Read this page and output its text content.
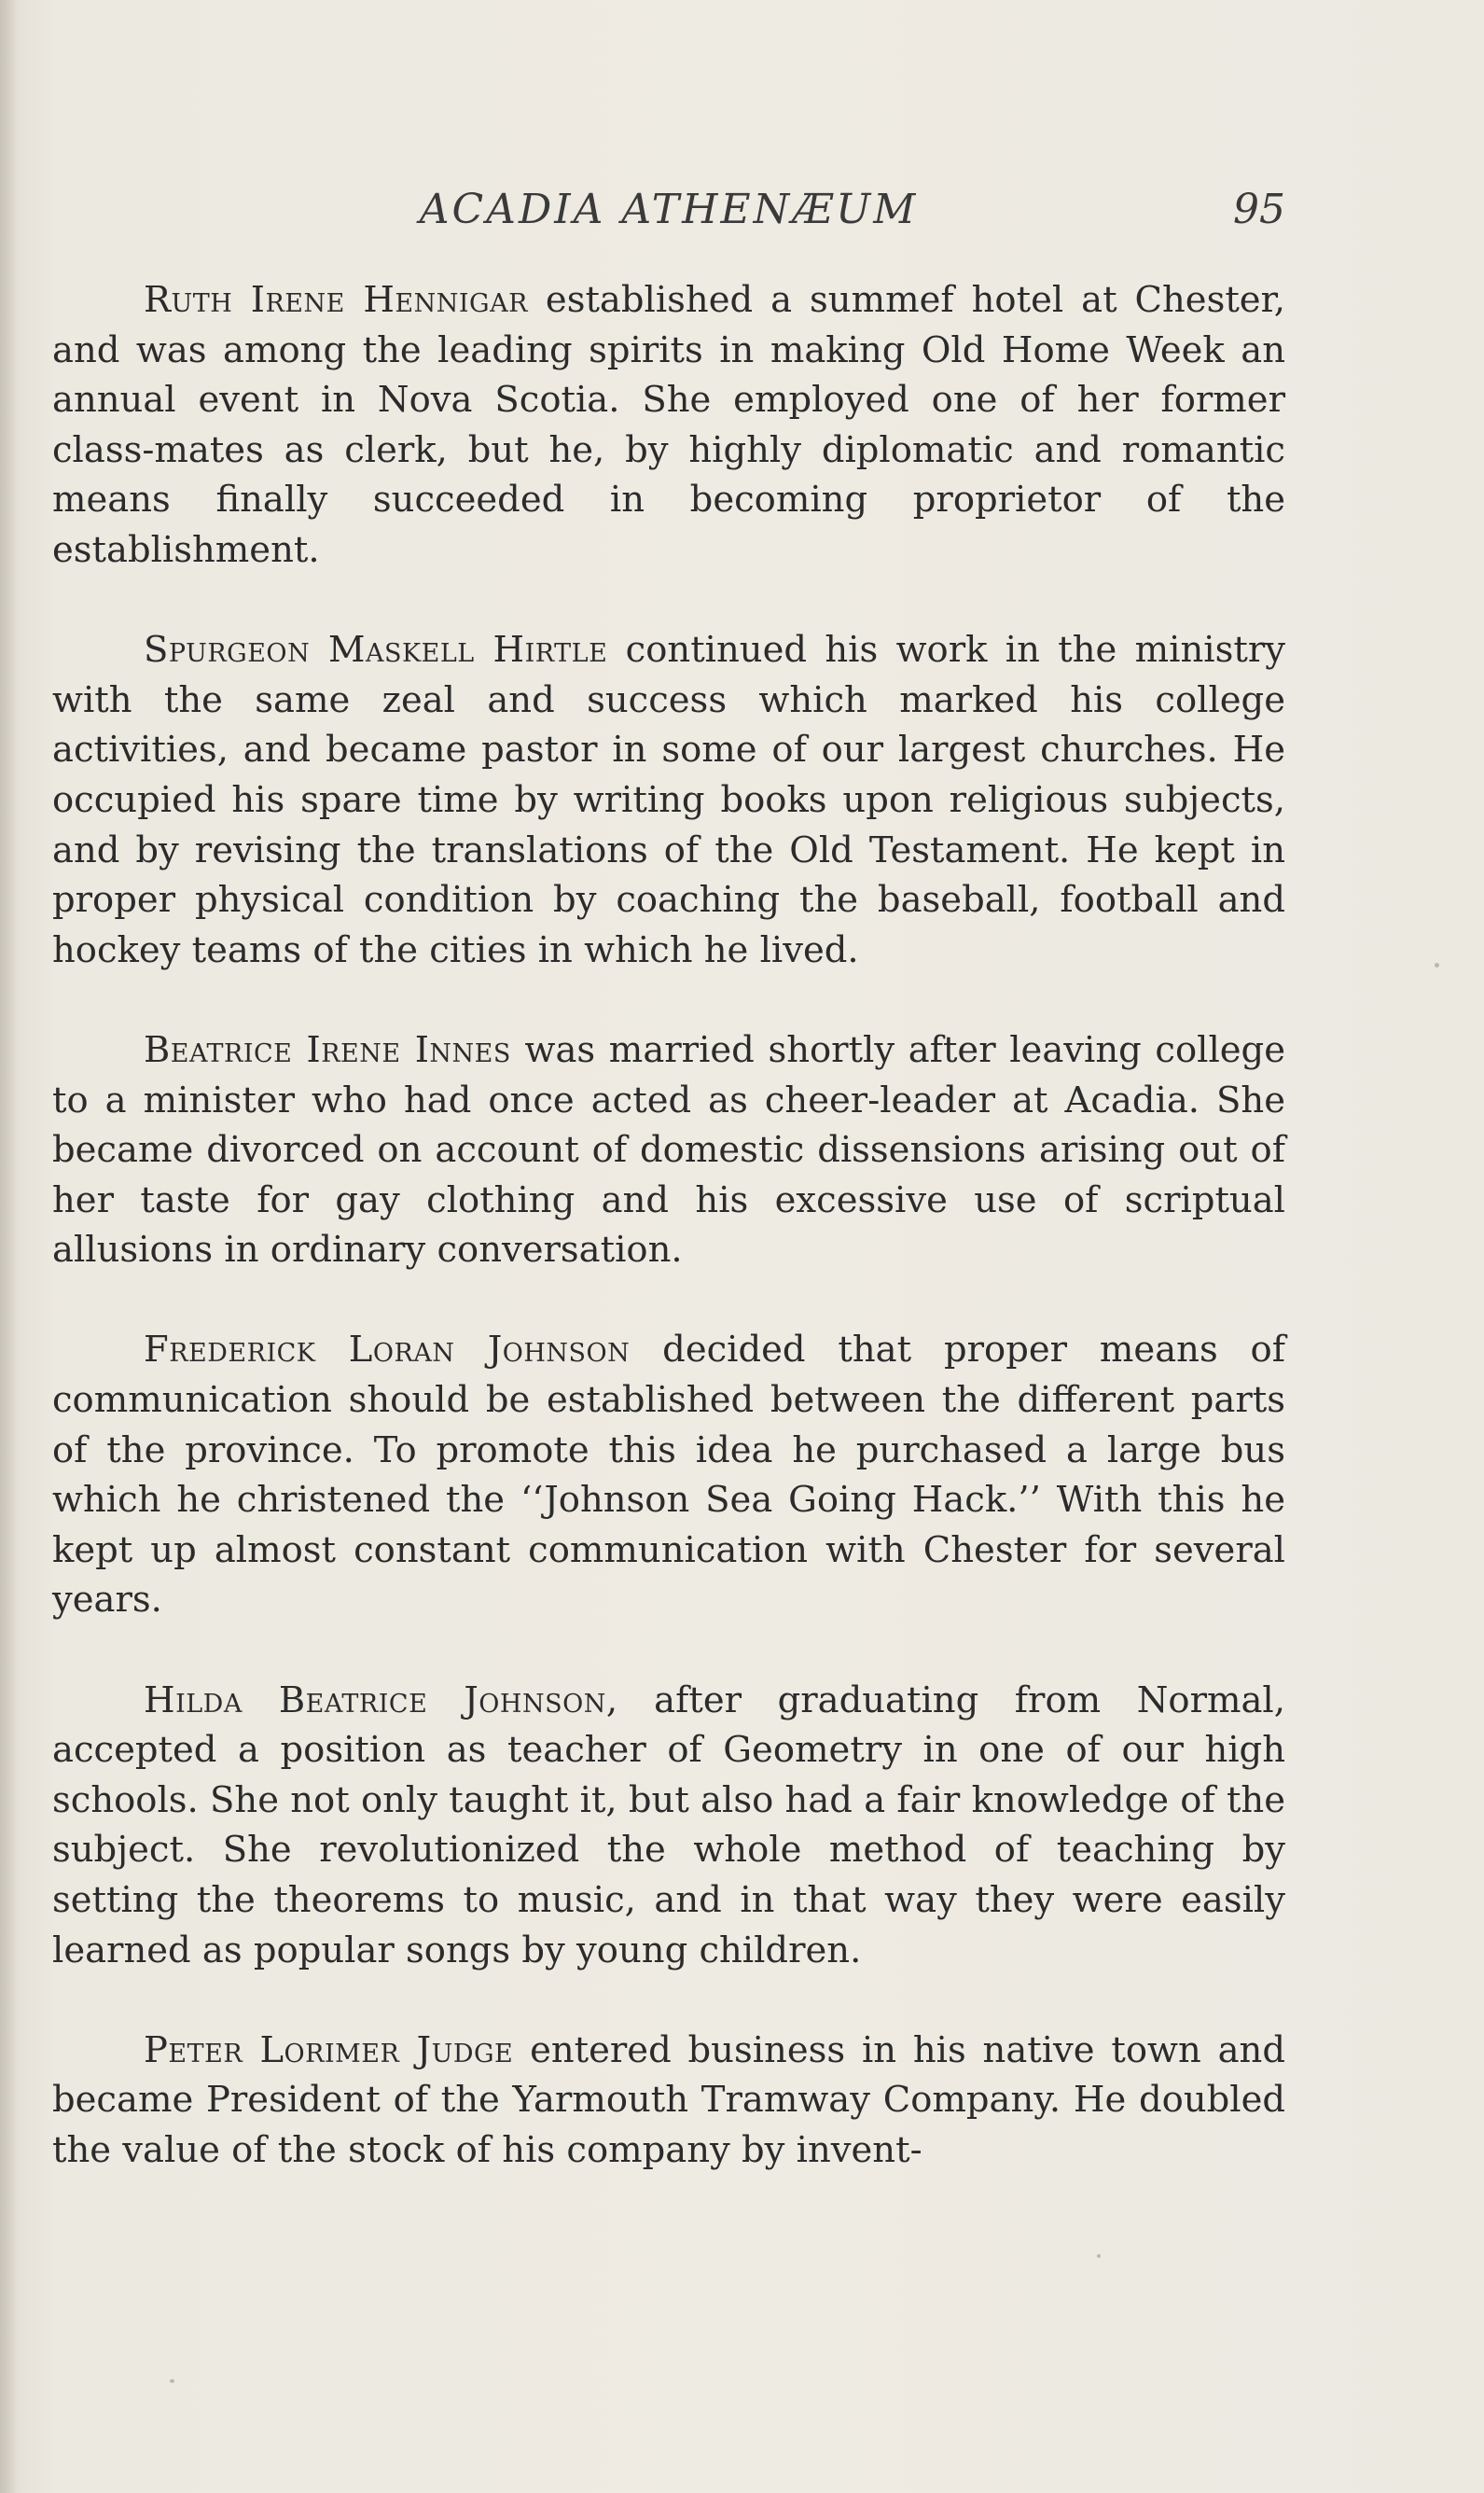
ACADIA ATHENÆUM	95

Ruth Irene Hennigar established a summef hotel at Chester, and was among the leading spirits in making Old Home Week an annual event in Nova Scotia. She employed one of her former class-mates as clerk, but he, by highly diplomatic and romantic means finally succeeded in becoming proprietor of the establishment.

Spurgeon Maskell Hirtle continued his work in the ministry with the same zeal and success which marked his college activities, and became pastor in some of our largest churches. He occupied his spare time by writing books upon religious subjects, and by revising the translations of the Old Testament. He kept in proper physical condition by coaching the baseball, football and hockey teams of the cities in which he lived.

Beatrice Irene Innes was married shortly after leaving college to a minister who had once acted as cheer-leader at Acadia. She became divorced on account of domestic dissensions arising out of her taste for gay clothing and his excessive use of scriptual allusions in ordinary conversation.

Frederick Loran Johnson decided that proper means of communication should be established between the different parts of the province. To promote this idea he purchased a large bus which he christened the ‘‘Johnson Sea Going Hack.’’ With this he kept up almost constant communication with Chester for several years.

Hilda Beatrice Johnson, after graduating from Normal, accepted a position as teacher of Geometry in one of our high schools. She not only taught it, but also had a fair knowledge of the subject. She revolutionized the whole method of teaching by setting the theorems to music, and in that way they were easily learned as popular songs by young children.

Peter Lorimer Judge entered business in his native town and became President of the Yarmouth Tramway Company. He doubled the value of the stock of his company by invent-
